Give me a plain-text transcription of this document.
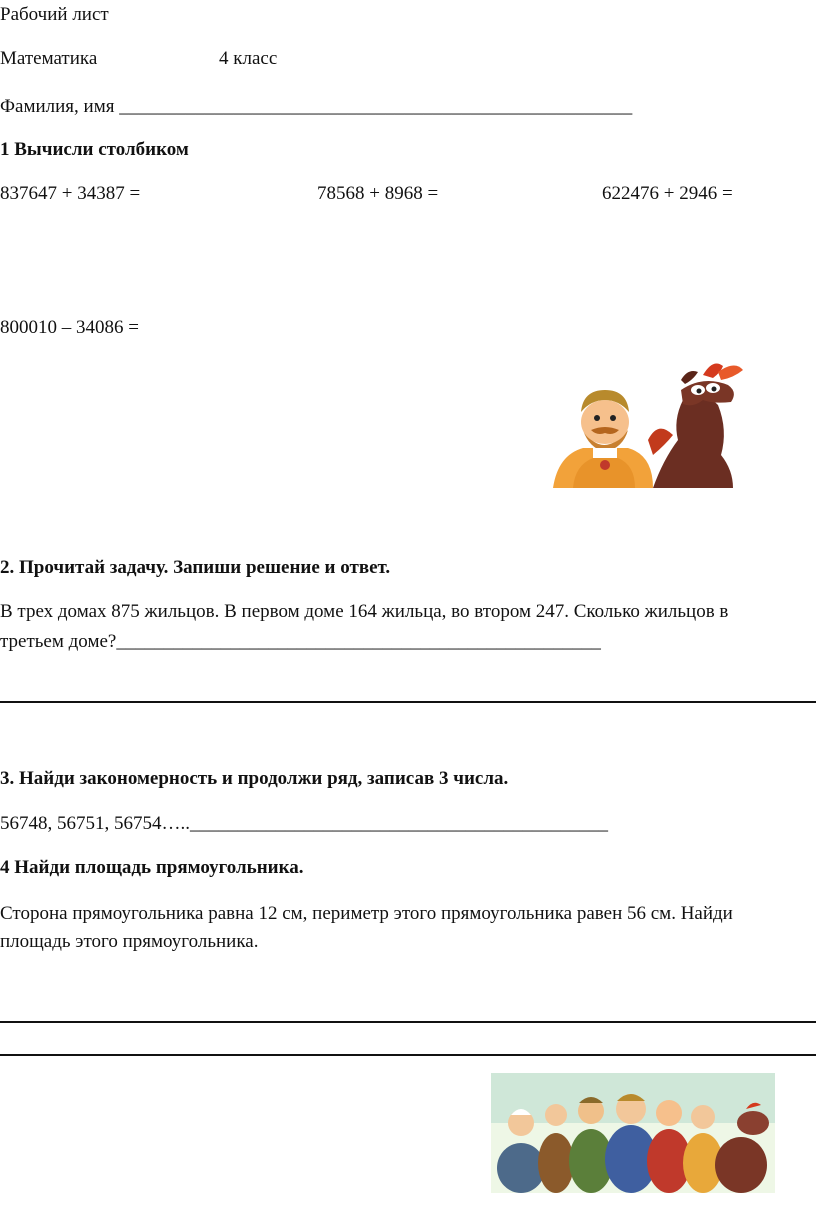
Рабочий лист
Математика	4 класс
Фамилия, имя ______________________________________________________
1 Вычисли столбиком
837647 + 34387 =	78568 + 8968 =	622476 + 2946 =
800010 – 34086 =
2. Прочитай задачу. Запиши решение и ответ.
В трех домах 875 жильцов. В первом доме 164 жильца, во втором 247. Сколько жильцов в
третьем доме?___________________________________________________
3. Найди закономерность и продолжи ряд, записав 3 числа.
56748, 56751, 56754…..____________________________________________
4 Найди площадь прямоугольника.
Сторона прямоугольника равна 12 см, периметр этого прямоугольника равен 56 см. Найди
площадь этого прямоугольника.
